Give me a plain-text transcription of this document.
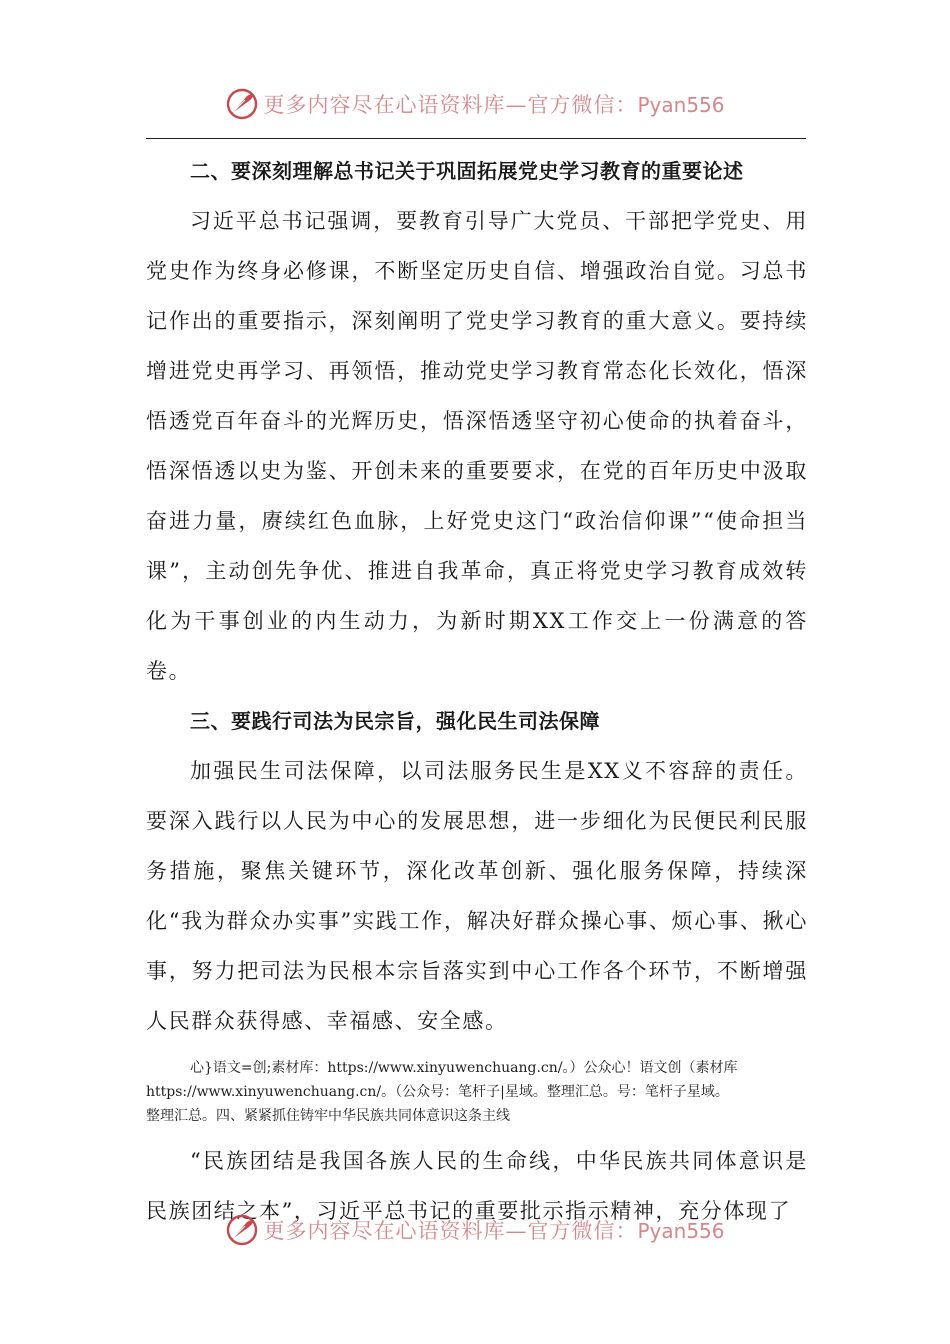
更多内容尽在心语资料库—官方微信：Pyan556
二、要深刻理解总书记关于巩固拓展党史学习教育的重要论述

习近平总书记强调，要教育引导广大党员、干部把学党史、用党史作为终身必修课，不断坚定历史自信、增强政治自觉。习总书记作出的重要指示，深刻阐明了党史学习教育的重大意义。要持续增进党史再学习、再领悟，推动党史学习教育常态化长效化，悟深悟透党百年奋斗的光辉历史，悟深悟透坚守初心使命的执着奋斗，悟深悟透以史为鉴、开创未来的重要要求，在党的百年历史中汲取奋进力量，赓续红色血脉，上好党史这门“政治信仰课”“使命担当课”，主动创先争优、推进自我革命，真正将党史学习教育成效转化为干事创业的内生动力，为新时期XX工作交上一份满意的答卷。

三、要践行司法为民宗旨，强化民生司法保障

加强民生司法保障，以司法服务民生是XX义不容辞的责任。要深入践行以人民为中心的发展思想，进一步细化为民便民利民服务措施，聚焦关键环节，深化改革创新、强化服务保障，持续深化“我为群众办实事”实践工作，解决好群众操心事、烦心事、揪心事，努力把司法为民根本宗旨落实到中心工作各个环节，不断增强人民群众获得感、幸福感、安全感。

心}语文=创;素材库：https://www.xinyuwenchuang.cn/。）公众心！语文创（素材库
https://www.xinyuwenchuang.cn/。（公众号：笔杆子|星域。整理汇总。号：笔杆子星域。
整理汇总。四、紧紧抓住铸牢中华民族共同体意识这条主线

“民族团结是我国各族人民的生命线，中华民族共同体意识是民族团结之本”，习近平总书记的重要批示指示精神，充分体现了

更多内容尽在心语资料库—官方微信：Pyan556
